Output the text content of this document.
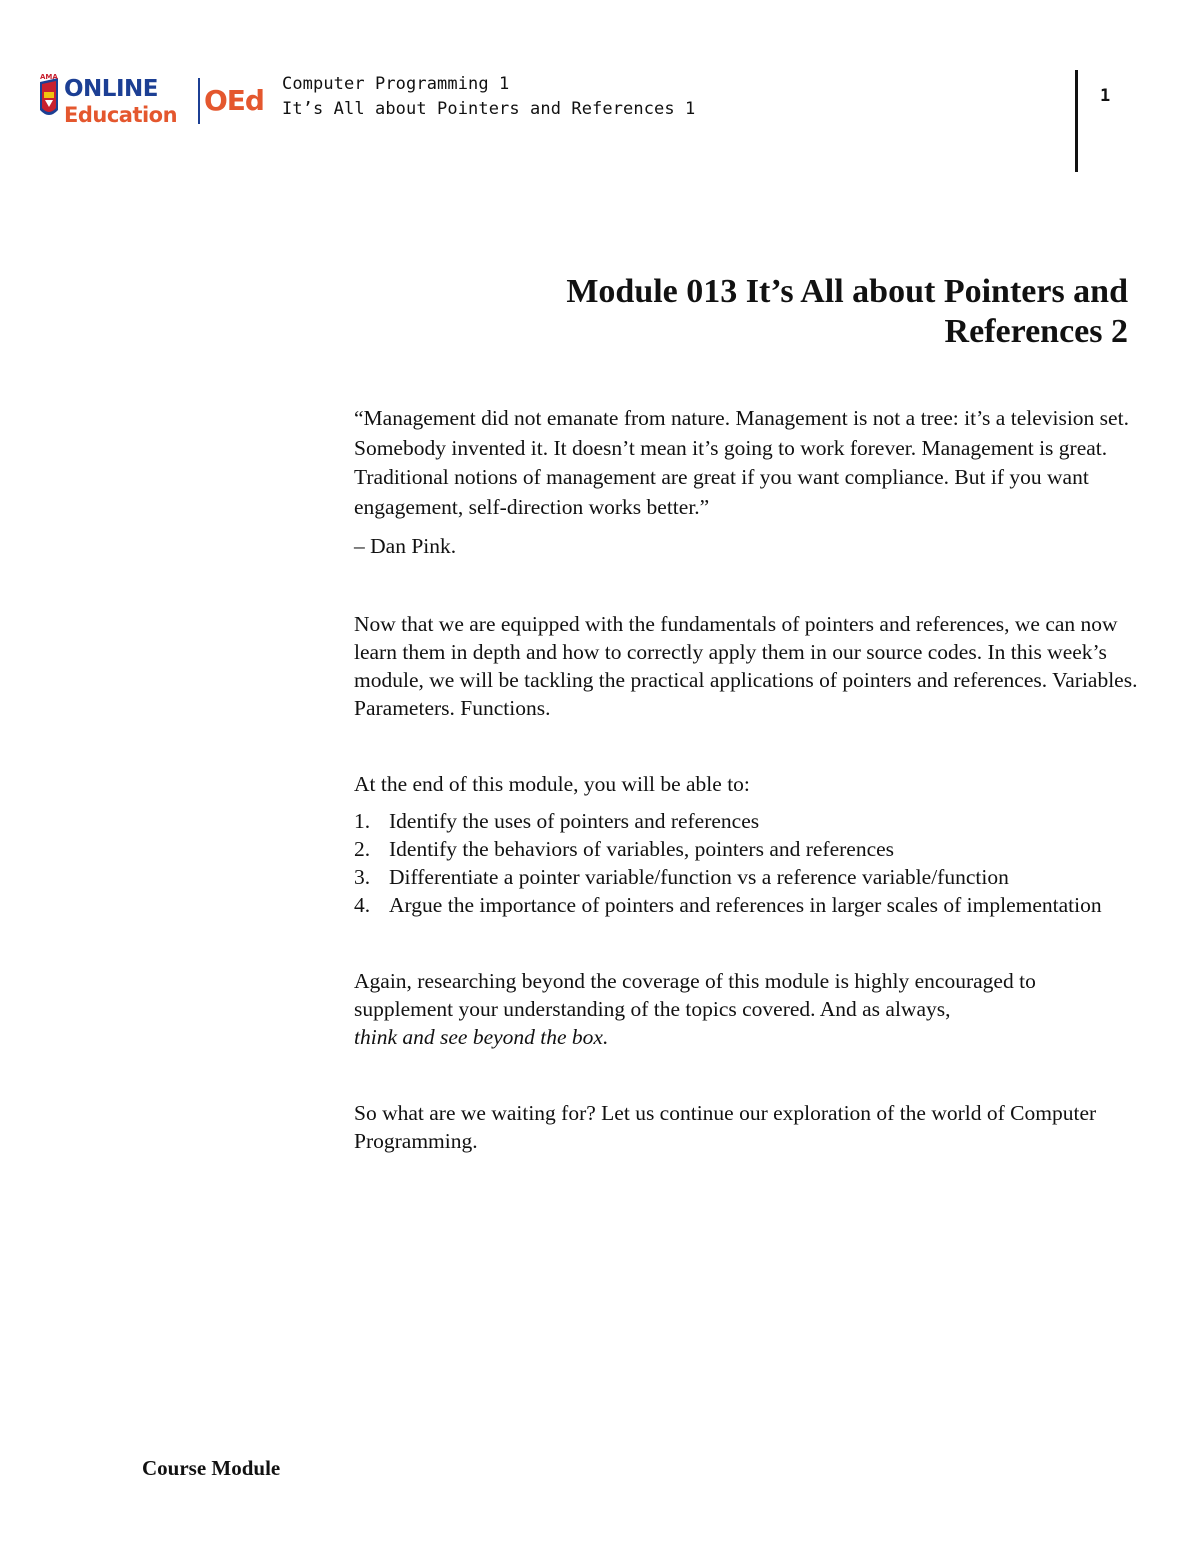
AMA ONLINE
Education OEd Computer Programming 1
It’s All about Pointers and References 1
1
Module 013 It’s All about Pointers and
References 2

“Management did not emanate from nature. Management is not a tree: it’s a television set. Somebody invented it. It doesn’t mean it’s going to work forever. Management is great. Traditional notions of management are great if you want compliance. But if you want engagement, self-direction works better.”

– Dan Pink.

Now that we are equipped with the fundamentals of pointers and references, we can now learn them in depth and how to correctly apply them in our source codes. In this week’s module, we will be tackling the practical applications of pointers and references. Variables. Parameters. Functions.

At the end of this module, you will be able to:

1. Identify the uses of pointers and references
2. Identify the behaviors of variables, pointers and references
3. Differentiate a pointer variable/function vs a reference variable/function
4. Argue the importance of pointers and references in larger scales of implementation

Again, researching beyond the coverage of this module is highly encouraged to supplement your understanding of the topics covered. And as always,
think and see beyond the box.

So what are we waiting for? Let us continue our exploration of the world of Computer Programming.

Course Module
